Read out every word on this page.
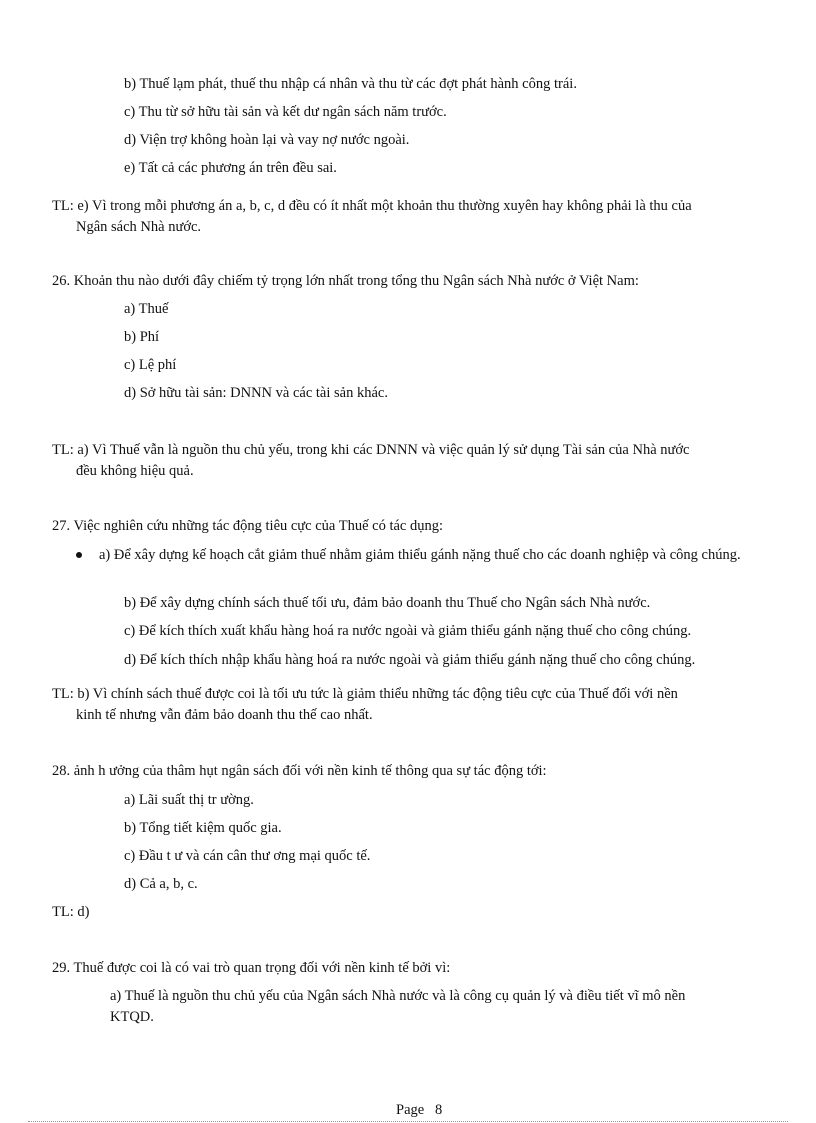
b) Thuế lạm phát, thuế thu nhập cá nhân và thu từ các đợt phát hành công trái.
c) Thu từ sở hữu tài sản và kết dư ngân sách năm trước.
d) Viện trợ không hoàn lại và vay nợ nước ngoài.
e) Tất cả các phương án trên đều sai.
TL: e) Vì trong mỗi phương án a, b, c, d đều có ít nhất một khoản thu thường xuyên hay không phải là thu của
Ngân sách Nhà nước.
26. Khoản thu nào dưới đây chiếm tỷ trọng lớn nhất trong tổng thu Ngân sách Nhà nước ở Việt Nam:
a) Thuế
b) Phí
c) Lệ phí
d) Sở hữu tài sản: DNNN và các tài sản khác.
TL: a) Vì Thuế vẫn là nguồn thu chủ yếu, trong khi các DNNN và việc quản lý sử dụng Tài sản của Nhà nước
đều không hiệu quả.
27. Việc nghiên cứu những tác động tiêu cực của Thuế có tác dụng:
a) Để xây dựng kế hoạch cắt giảm thuế nhằm giảm thiểu gánh nặng thuế cho các doanh nghiệp và công chúng.
b) Để xây dựng chính sách thuế tối ưu, đảm bảo doanh thu Thuế cho Ngân sách Nhà nước.
c) Để kích thích xuất khẩu hàng hoá ra nước ngoài và giảm thiểu gánh nặng thuế cho công chúng.
d) Để kích thích nhập khẩu hàng hoá ra nước ngoài và giảm thiểu gánh nặng thuế cho công chúng.
TL: b) Vì chính sách thuế được coi là tối ưu tức là giảm thiểu những tác động tiêu cực của Thuế đối với nền
kinh tế nhưng vẫn đảm bảo doanh thu thế cao nhất.
28. ảnh h ưởng của thâm hụt ngân sách đối với nền kinh tế thông qua sự tác động tới:
a) Lãi suất thị tr ường.
b) Tổng tiết kiệm quốc gia.
c) Đầu t ư và cán cân thư ơng mại quốc tế.
d) Cả a, b, c.
TL: d)
29. Thuế được coi là có vai trò quan trọng đối với nền kinh tế bởi vì:
a) Thuế là nguồn thu chủ yếu của Ngân sách Nhà nước và là công cụ quản lý và điều tiết vĩ mô nền
KTQD.
Page   8
